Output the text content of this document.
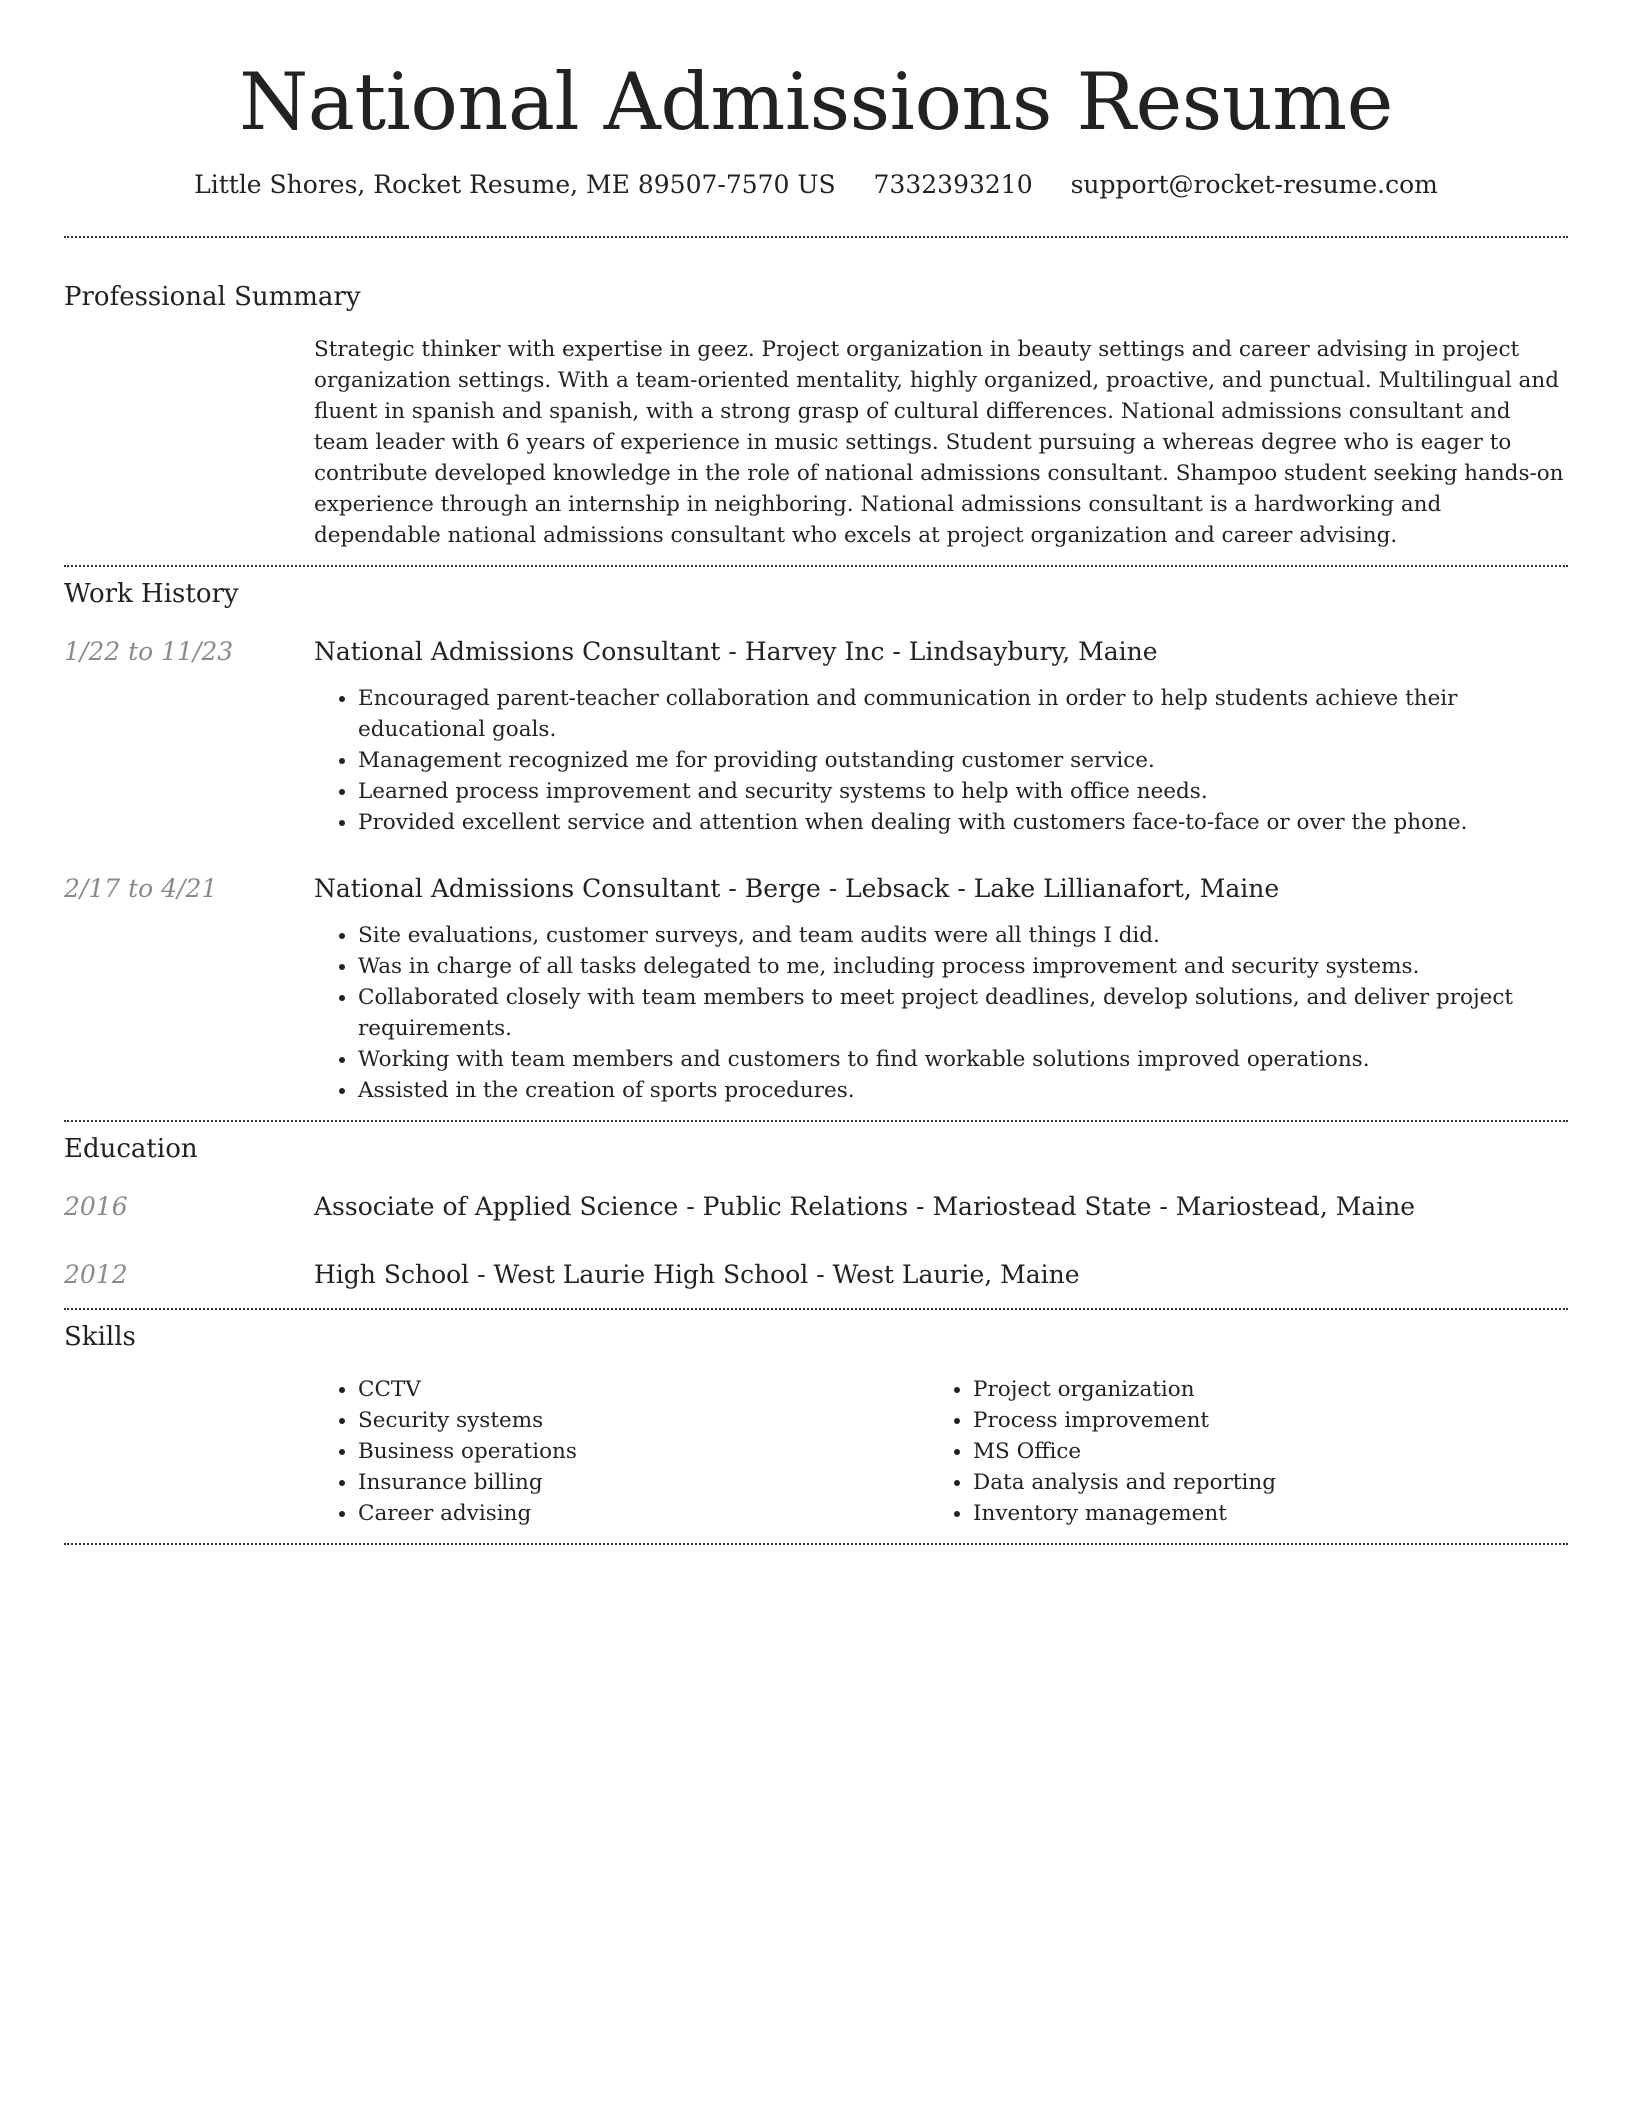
National Admissions Resume
Little Shores, Rocket Resume, ME 89507-7570 US 7332393210 support@rocket-resume.com
Professional Summary
Strategic thinker with expertise in geez. Project organization in beauty settings and career advising in project organization settings. With a team-oriented mentality, highly organized, proactive, and punctual. Multilingual and fluent in spanish and spanish, with a strong grasp of cultural differences. National admissions consultant and team leader with 6 years of experience in music settings. Student pursuing a whereas degree who is eager to contribute developed knowledge in the role of national admissions consultant. Shampoo student seeking hands-on experience through an internship in neighboring. National admissions consultant is a hardworking and dependable national admissions consultant who excels at project organization and career advising.
Work History
1/22 to 11/23	National Admissions Consultant - Harvey Inc - Lindsaybury, Maine
• Encouraged parent-teacher collaboration and communication in order to help students achieve their educational goals.
• Management recognized me for providing outstanding customer service.
• Learned process improvement and security systems to help with office needs.
• Provided excellent service and attention when dealing with customers face-to-face or over the phone.
2/17 to 4/21	National Admissions Consultant - Berge - Lebsack - Lake Lillianafort, Maine
• Site evaluations, customer surveys, and team audits were all things I did.
• Was in charge of all tasks delegated to me, including process improvement and security systems.
• Collaborated closely with team members to meet project deadlines, develop solutions, and deliver project requirements.
• Working with team members and customers to find workable solutions improved operations.
• Assisted in the creation of sports procedures.
Education
2016	Associate of Applied Science - Public Relations - Mariostead State - Mariostead, Maine
2012	High School - West Laurie High School - West Laurie, Maine
Skills
• CCTV
• Security systems
• Business operations
• Insurance billing
• Career advising
• Project organization
• Process improvement
• MS Office
• Data analysis and reporting
• Inventory management
